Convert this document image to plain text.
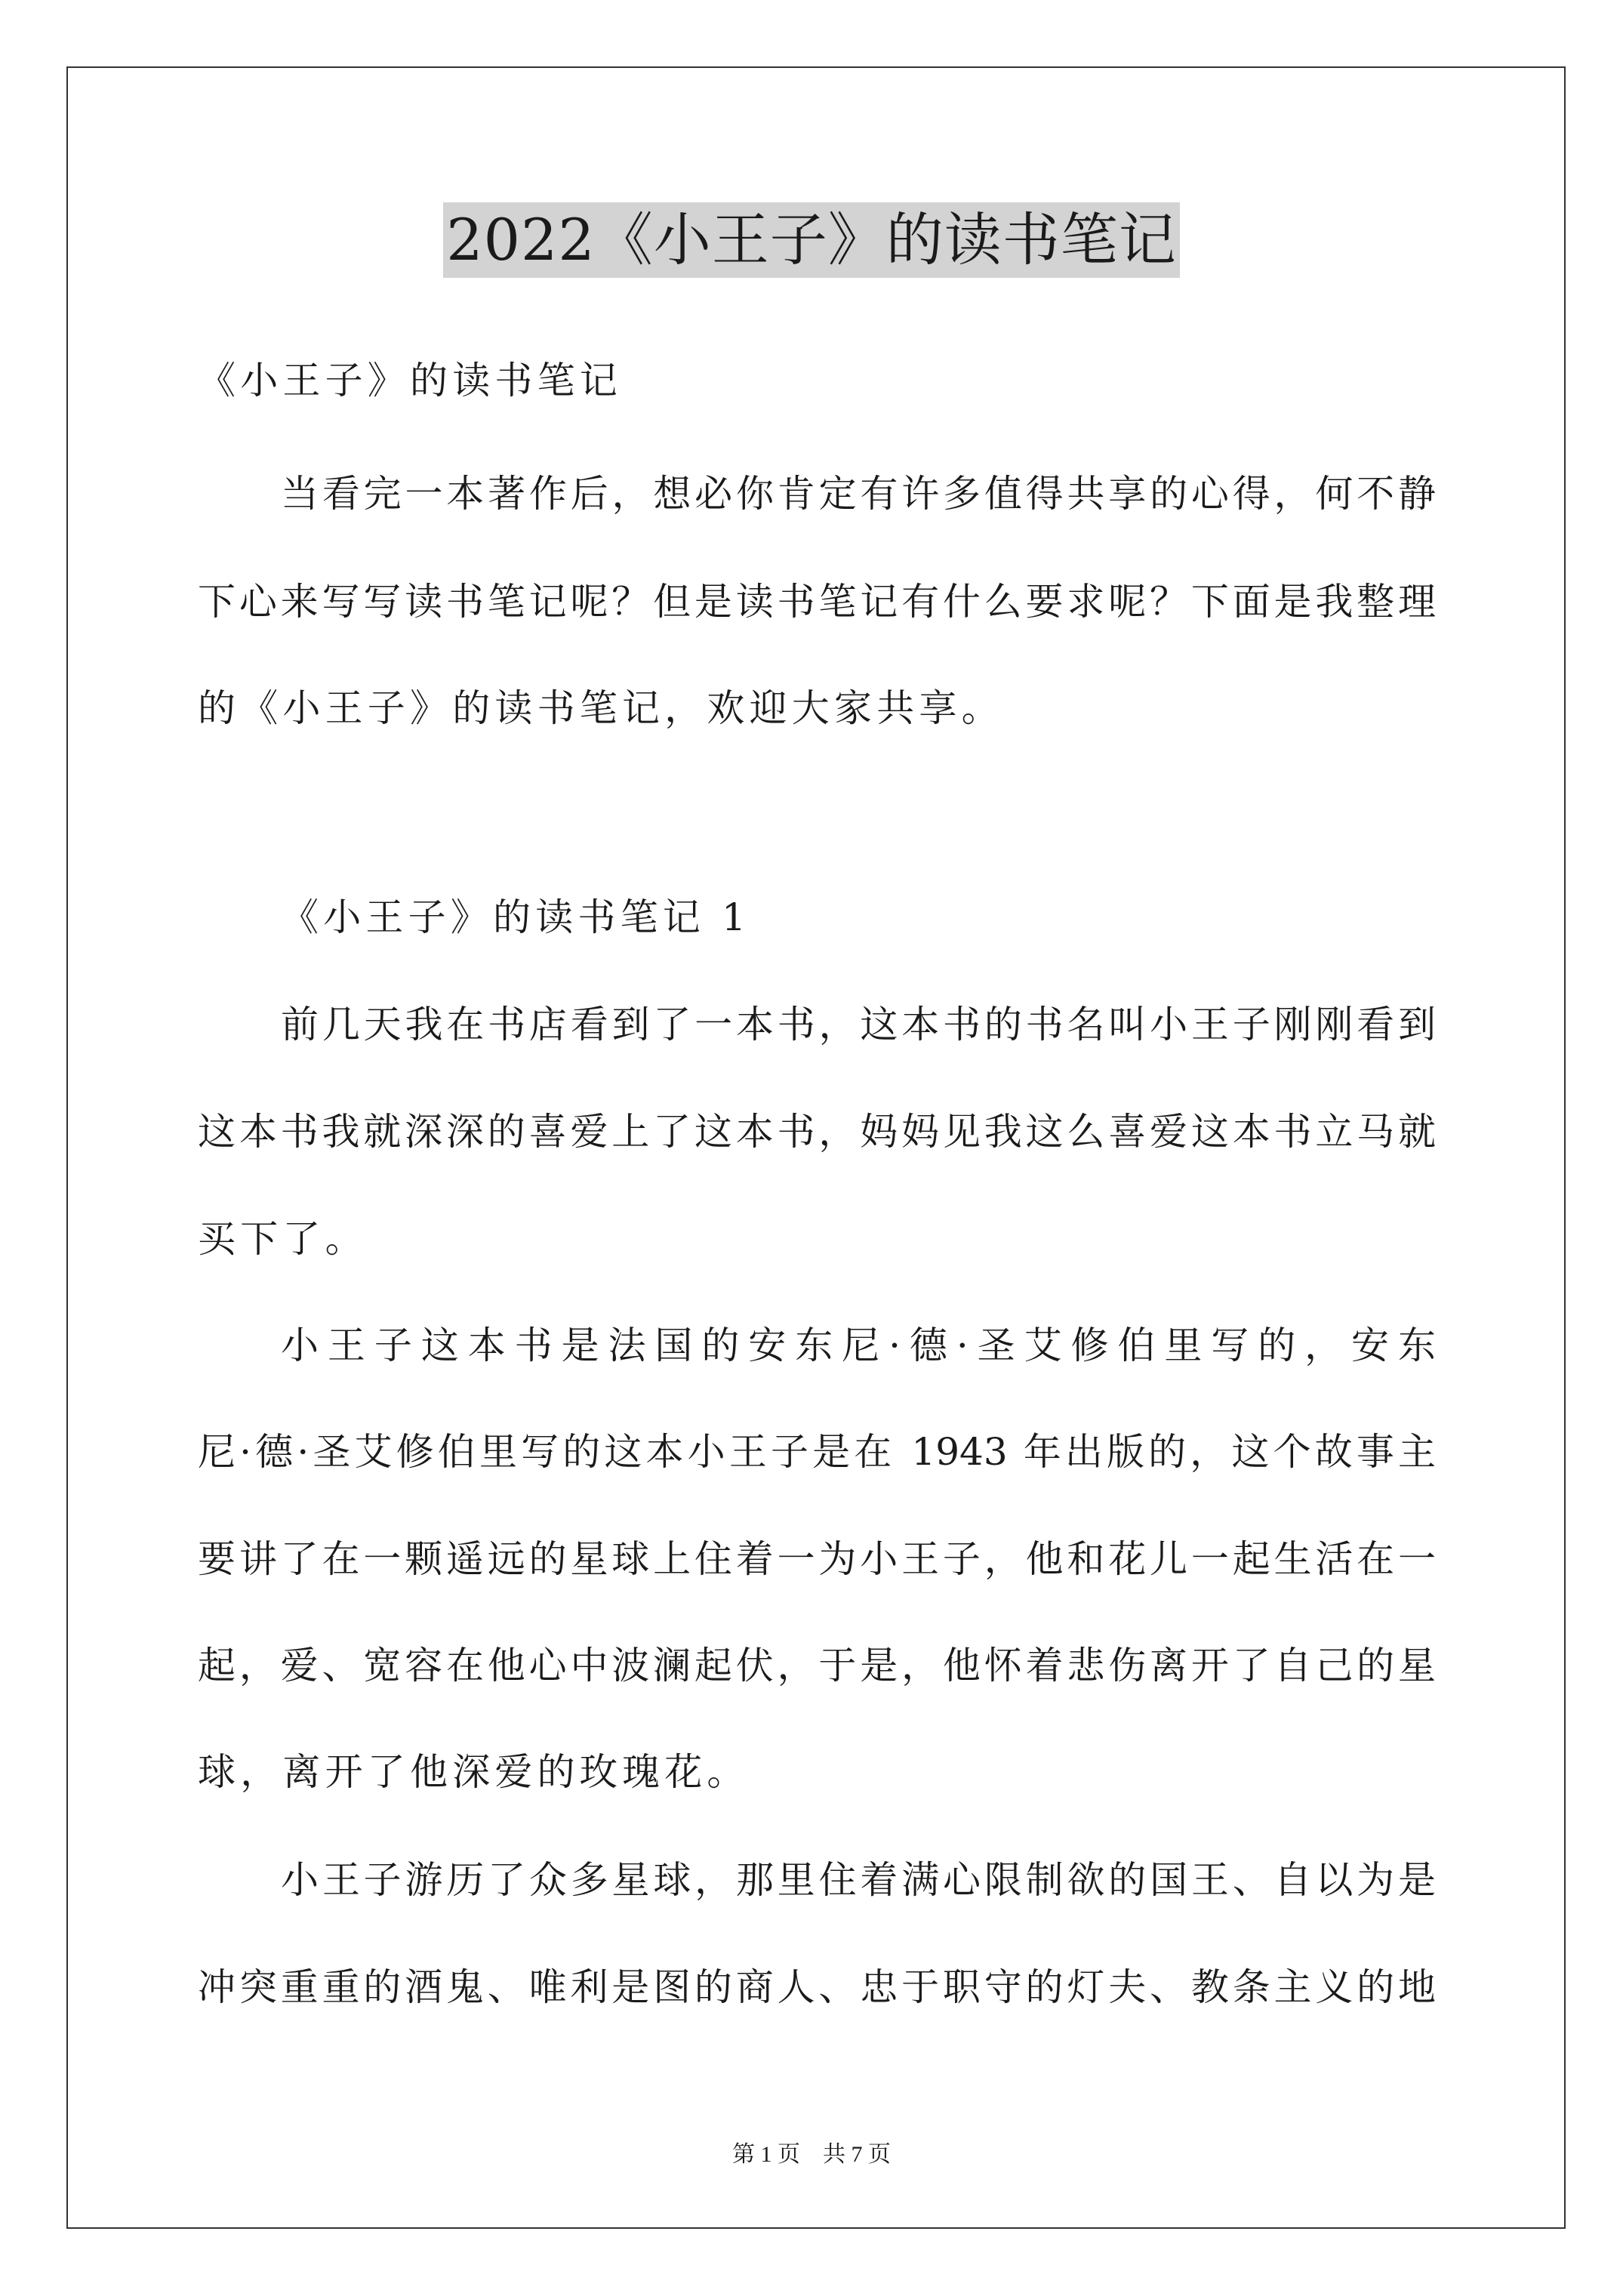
2022《小王子》的读书笔记
《小王子》的读书笔记
当看完一本著作后，想必你肯定有许多值得共享的心得，何不静
下心来写写读书笔记呢？但是读书笔记有什么要求呢？下面是我整理
的《小王子》的读书笔记，欢迎大家共享。
《小王子》的读书笔记 1
前几天我在书店看到了一本书，这本书的书名叫小王子刚刚看到
这本书我就深深的喜爱上了这本书，妈妈见我这么喜爱这本书立马就
买下了。
小王子这本书是法国的安东尼·德·圣艾修伯里写的，安东
尼·德·圣艾修伯里写的这本小王子是在 1943 年出版的，这个故事主
要讲了在一颗遥远的星球上住着一为小王子，他和花儿一起生活在一
起，爱、宽容在他心中波澜起伏，于是，他怀着悲伤离开了自己的星
球，离开了他深爱的玫瑰花。
小王子游历了众多星球，那里住着满心限制欲的国王、自以为是
冲突重重的酒鬼、唯利是图的商人、忠于职守的灯夫、教条主义的地
第 1 页　共 7 页
